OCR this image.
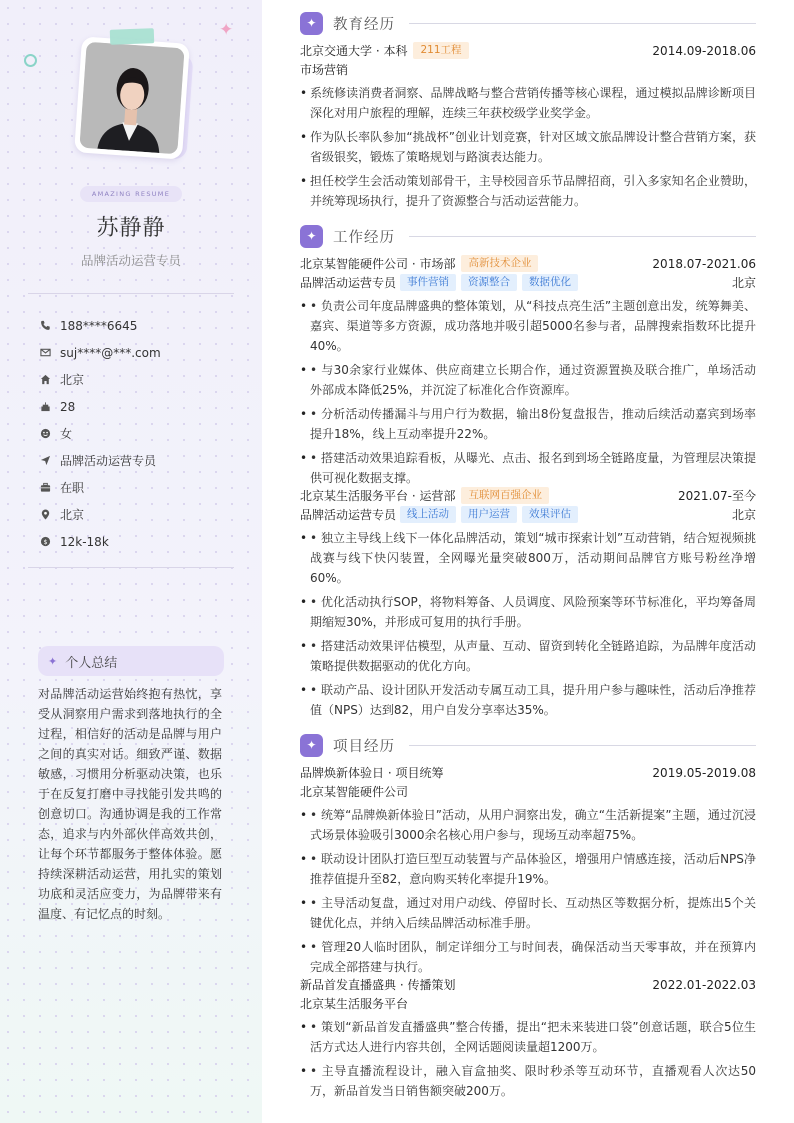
✦
AMAZING RESUME
苏静静
品牌活动运营专员
188****6645
suj****@***.com
北京
28
女
品牌活动运营专员
在职
北京
$ 12k-18k
✦ 个人总结
对品牌活动运营始终抱有热忱，享受从洞察用户需求到落地执行的全过程，相信好的活动是品牌与用户之间的真实对话。细致严谨、数据敏感，习惯用分析驱动决策，也乐于在反复打磨中寻找能引发共鸣的创意切口。沟通协调是我的工作常态，追求与内外部伙伴高效共创，让每个环节都服务于整体体验。愿持续深耕活动运营，用扎实的策划功底和灵活应变力，为品牌带来有温度、有记忆点的时刻。
✦	教育经历
北京交通大学 · 本科	211工程	2014.09-2018.06
市场营销
• 系统修读消费者洞察、品牌战略与整合营销传播等核心课程，通过模拟品牌诊断项目深化对用户旅程的理解，连续三年获校级学业奖学金。
• 作为队长率队参加“挑战杯”创业计划竞赛，针对区域文旅品牌设计整合营销方案，获省级银奖，锻炼了策略规划与路演表达能力。
• 担任校学生会活动策划部骨干，主导校园音乐节品牌招商，引入多家知名企业赞助，并统筹现场执行，提升了资源整合与活动运营能力。
✦	工作经历
北京某智能硬件公司 · 市场部	高新技术企业	2018.07-2021.06
品牌活动运营专员	事件营销	资源整合	数据优化	北京
• • 负责公司年度品牌盛典的整体策划，从“科技点亮生活”主题创意出发，统筹舞美、嘉宾、渠道等多方资源，成功落地并吸引超5000名参与者，品牌搜索指数环比提升40%。
• • 与30余家行业媒体、供应商建立长期合作，通过资源置换及联合推广，单场活动外部成本降低25%，并沉淀了标准化合作资源库。
• • 分析活动传播漏斗与用户行为数据，输出8份复盘报告，推动后续活动嘉宾到场率提升18%，线上互动率提升22%。
• • 搭建活动效果追踪看板，从曝光、点击、报名到到场全链路度量，为管理层决策提供可视化数据支撑。
北京某生活服务平台 · 运营部	互联网百强企业	2021.07-至今
品牌活动运营专员	线上活动	用户运营	效果评估	北京
• • 独立主导线上线下一体化品牌活动，策划“城市探索计划”互动营销，结合短视频挑战赛与线下快闪装置，全网曝光量突破800万，活动期间品牌官方账号粉丝净增60%。
• • 优化活动执行SOP，将物料筹备、人员调度、风险预案等环节标准化，平均筹备周期缩短30%，并形成可复用的执行手册。
• • 搭建活动效果评估模型，从声量、互动、留资到转化全链路追踪，为品牌年度活动策略提供数据驱动的优化方向。
• • 联动产品、设计团队开发活动专属互动工具，提升用户参与趣味性，活动后净推荐值（NPS）达到82，用户自发分享率达35%。
✦	项目经历
品牌焕新体验日 · 项目统筹	2019.05-2019.08
北京某智能硬件公司
• • 统筹“品牌焕新体验日”活动，从用户洞察出发，确立“生活新提案”主题，通过沉浸式场景体验吸引3000余名核心用户参与，现场互动率超75%。
• • 联动设计团队打造巨型互动装置与产品体验区，增强用户情感连接，活动后NPS净推荐值提升至82，意向购买转化率提升19%。
• • 主导活动复盘，通过对用户动线、停留时长、互动热区等数据分析，提炼出5个关键优化点，并纳入后续品牌活动标准手册。
• • 管理20人临时团队，制定详细分工与时间表，确保活动当天零事故，并在预算内完成全部搭建与执行。
新品首发直播盛典 · 传播策划	2022.01-2022.03
北京某生活服务平台
• • 策划“新品首发直播盛典”整合传播，提出“把未来装进口袋”创意话题，联合5位生活方式达人进行内容共创，全网话题阅读量超1200万。
• • 主导直播流程设计，融入盲盒抽奖、限时秒杀等互动环节，直播观看人次达50万，新品首发当日销售额突破200万。
